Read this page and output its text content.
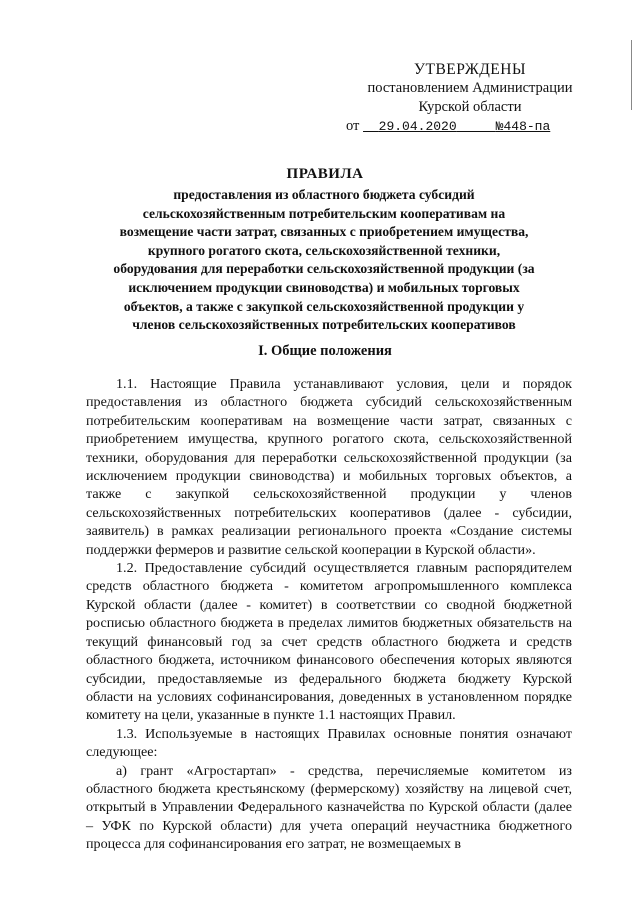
УТВЕРЖДЕНЫ
постановлением Администрации
Курской области
от 29.04.2020	№448-па
ПРАВИЛА
предоставления из областного бюджета субсидий
сельскохозяйственным потребительским кооперативам на
возмещение части затрат, связанных с приобретением имущества,
крупного рогатого скота, сельскохозяйственной техники,
оборудования для переработки сельскохозяйственной продукции (за
исключением продукции свиноводства) и мобильных торговых
объектов, а также с закупкой сельскохозяйственной продукции у
членов сельскохозяйственных потребительских кооперативов
I. Общие положения

1.1. Настоящие Правила устанавливают условия, цели и порядок предоставления из областного бюджета субсидий сельскохозяйственным потребительским кооперативам на возмещение части затрат, связанных с приобретением имущества, крупного рогатого скота, сельскохозяйственной техники, оборудования для переработки сельскохозяйственной продукции (за исключением продукции свиноводства) и мобильных торговых объектов, а также с закупкой сельскохозяйственной продукции у членов сельскохозяйственных потребительских кооперативов (далее - субсидии, заявитель) в рамках реализации регионального проекта «Создание системы поддержки фермеров и развитие сельской кооперации в Курской области».

1.2. Предоставление субсидий осуществляется главным распорядителем средств областного бюджета - комитетом агропромышленного комплекса Курской области (далее - комитет) в соответствии со сводной бюджетной росписью областного бюджета в пределах лимитов бюджетных обязательств на текущий финансовый год за счет средств областного бюджета и средств областного бюджета, источником финансового обеспечения которых являются субсидии, предоставляемые из федерального бюджета бюджету Курской области на условиях софинансирования, доведенных в установленном порядке комитету на цели, указанные в пункте 1.1 настоящих Правил.

1.3. Используемые в настоящих Правилах основные понятия означают следующее:

а) грант «Агростартап» - средства, перечисляемые комитетом из областного бюджета крестьянскому (фермерскому) хозяйству на лицевой счет, открытый в Управлении Федерального казначейства по Курской области (далее – УФК по Курской области) для учета операций неучастника бюджетного процесса для софинансирования его затрат, не возмещаемых в
